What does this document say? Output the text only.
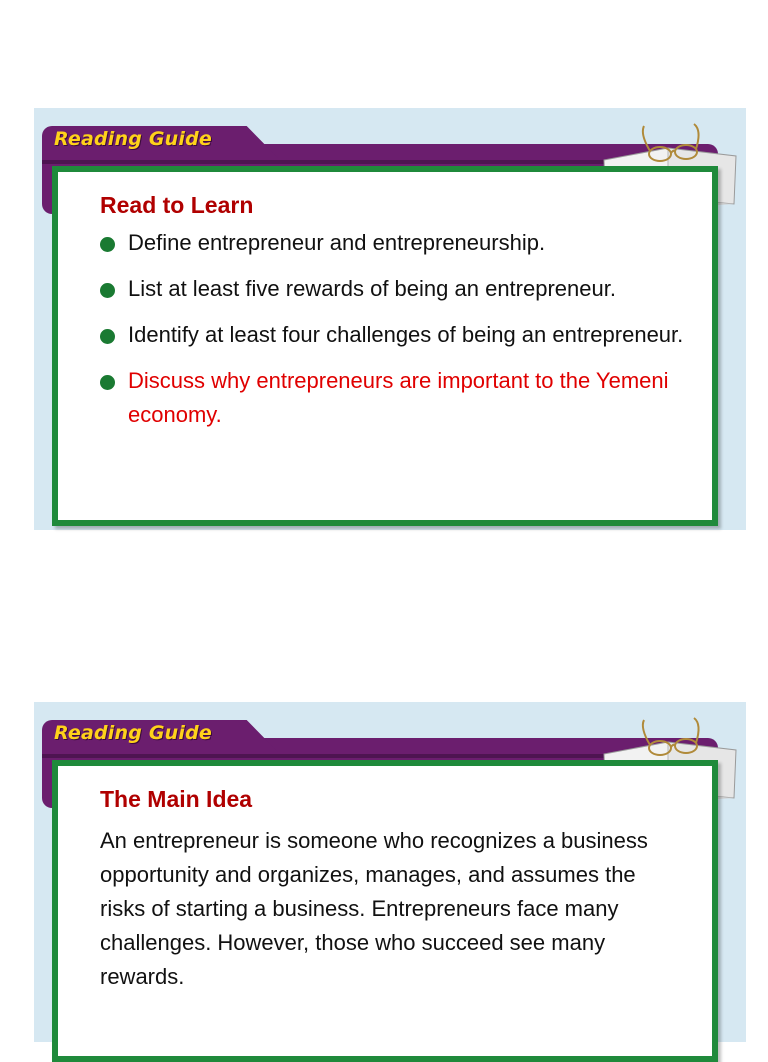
Reading Guide
Read to Learn
Define entrepreneur and entrepreneurship.
List at least five rewards of being an entrepreneur.
Identify at least four challenges of being an entrepreneur.
Discuss why entrepreneurs are important to the Yemeni economy.
Reading Guide
The Main Idea

An entrepreneur is someone who recognizes a business opportunity and organizes, manages, and assumes the risks of starting a business. Entrepreneurs face many challenges. However, those who succeed see many rewards.
